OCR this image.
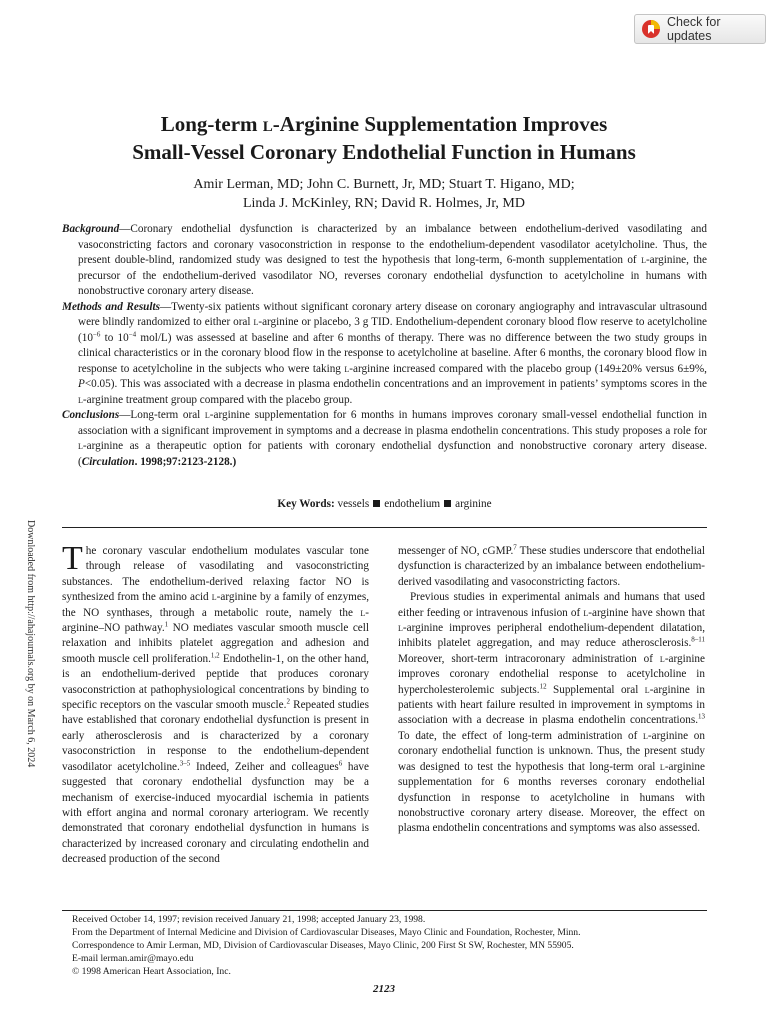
Check for updates
Long-term l-Arginine Supplementation Improves
Small-Vessel Coronary Endothelial Function in Humans
Amir Lerman, MD; John C. Burnett, Jr, MD; Stuart T. Higano, MD;
Linda J. McKinley, RN; David R. Holmes, Jr, MD

Background—Coronary endothelial dysfunction is characterized by an imbalance between endothelium-derived vasodilating and vasoconstricting factors and coronary vasoconstriction in response to the endothelium-dependent vasodilator acetylcholine. Thus, the present double-blind, randomized study was designed to test the hypothesis that long-term, 6-month supplementation of l-arginine, the precursor of the endothelium-derived vasodilator NO, reverses coronary endothelial dysfunction to acetylcholine in humans with nonobstructive coronary artery disease.

Methods and Results—Twenty-six patients without significant coronary artery disease on coronary angiography and intravascular ultrasound were blindly randomized to either oral l-arginine or placebo, 3 g TID. Endothelium-dependent coronary blood flow reserve to acetylcholine ($10^{-6}$ to $10^{-4}$ mol/L) was assessed at baseline and after 6 months of therapy. There was no difference between the two study groups in clinical characteristics or in the coronary blood flow in the response to acetylcholine at baseline. After 6 months, the coronary blood flow in response to acetylcholine in the subjects who were taking l-arginine increased compared with the placebo group (149±20% versus 6±9%, P<0.05). This was associated with a decrease in plasma endothelin concentrations and an improvement in patients’ symptoms scores in the l-arginine treatment group compared with the placebo group.

Conclusions—Long-term oral l-arginine supplementation for 6 months in humans improves coronary small-vessel endothelial function in association with a significant improvement in symptoms and a decrease in plasma endothelin concentrations. This study proposes a role for l-arginine as a therapeutic option for patients with coronary endothelial dysfunction and nonobstructive coronary artery disease. (Circulation. 1998;97:2123-2128.)

Key Words: vessels endothelium arginine
Downloaded from http://ahajournals.org by on March 6, 2024 The coronary vascular endothelium modulates vascular tone through release of vasodilating and vasoconstricting substances. The endothelium-derived relaxing factor NO is synthesized from the amino acid l-arginine by a family of enzymes, the NO synthases, through a metabolic route, namely the l-arginine–NO pathway.$^1$ NO mediates vascular smooth muscle cell relaxation and inhibits platelet aggregation and adhesion and smooth muscle cell proliferation.$^{1,2}$ Endothelin-1, on the other hand, is an endothelium-derived peptide that produces coronary vasoconstriction at pathophysiological concentrations by binding to specific receptors on the vascular smooth muscle.$^2$ Repeated studies have established that coronary endothelial dysfunction is present in early atherosclerosis and is characterized by a coronary vasoconstriction in response to the endothelium-dependent vasodilator acetylcholine.$^{3-5}$ Indeed, Zeiher and colleagues$^6$ have suggested that coronary endothelial dysfunction may be a mechanism of exercise-induced myocardial ischemia in patients with effort angina and normal coronary arteriogram. We recently demonstrated that coronary endothelial dysfunction in humans is characterized by increased coronary and circulating endothelin and decreased production of the second

messenger of NO, cGMP.$^7$ These studies underscore that endothelial dysfunction is characterized by an imbalance between endothelium-derived vasodilating and vasoconstricting factors.

Previous studies in experimental animals and humans that used either feeding or intravenous infusion of l-arginine have shown that l-arginine improves peripheral endothelium-dependent dilatation, inhibits platelet aggregation, and may reduce atherosclerosis.$^{8-11}$ Moreover, short-term intracoronary administration of l-arginine improves coronary endothelial response to acetylcholine in hypercholesterolemic subjects.$^{12}$ Supplemental oral l-arginine in patients with heart failure resulted in improvement in symptoms in association with a decrease in plasma endothelin concentrations.$^{13}$ To date, the effect of long-term administration of l-arginine on coronary endothelial function is unknown. Thus, the present study was designed to test the hypothesis that long-term oral l-arginine supplementation for 6 months reverses coronary endothelial dysfunction in response to acetylcholine in humans with nonobstructive coronary artery disease. Moreover, the effect on plasma endothelin concentrations and symptoms was also assessed.

Received October 14, 1997; revision received January 21, 1998; accepted January 23, 1998.
From the Department of Internal Medicine and Division of Cardiovascular Diseases, Mayo Clinic and Foundation, Rochester, Minn.
Correspondence to Amir Lerman, MD, Division of Cardiovascular Diseases, Mayo Clinic, 200 First St SW, Rochester, MN 55905.
E-mail lerman.amir@mayo.edu
© 1998 American Heart Association, Inc.
2123
